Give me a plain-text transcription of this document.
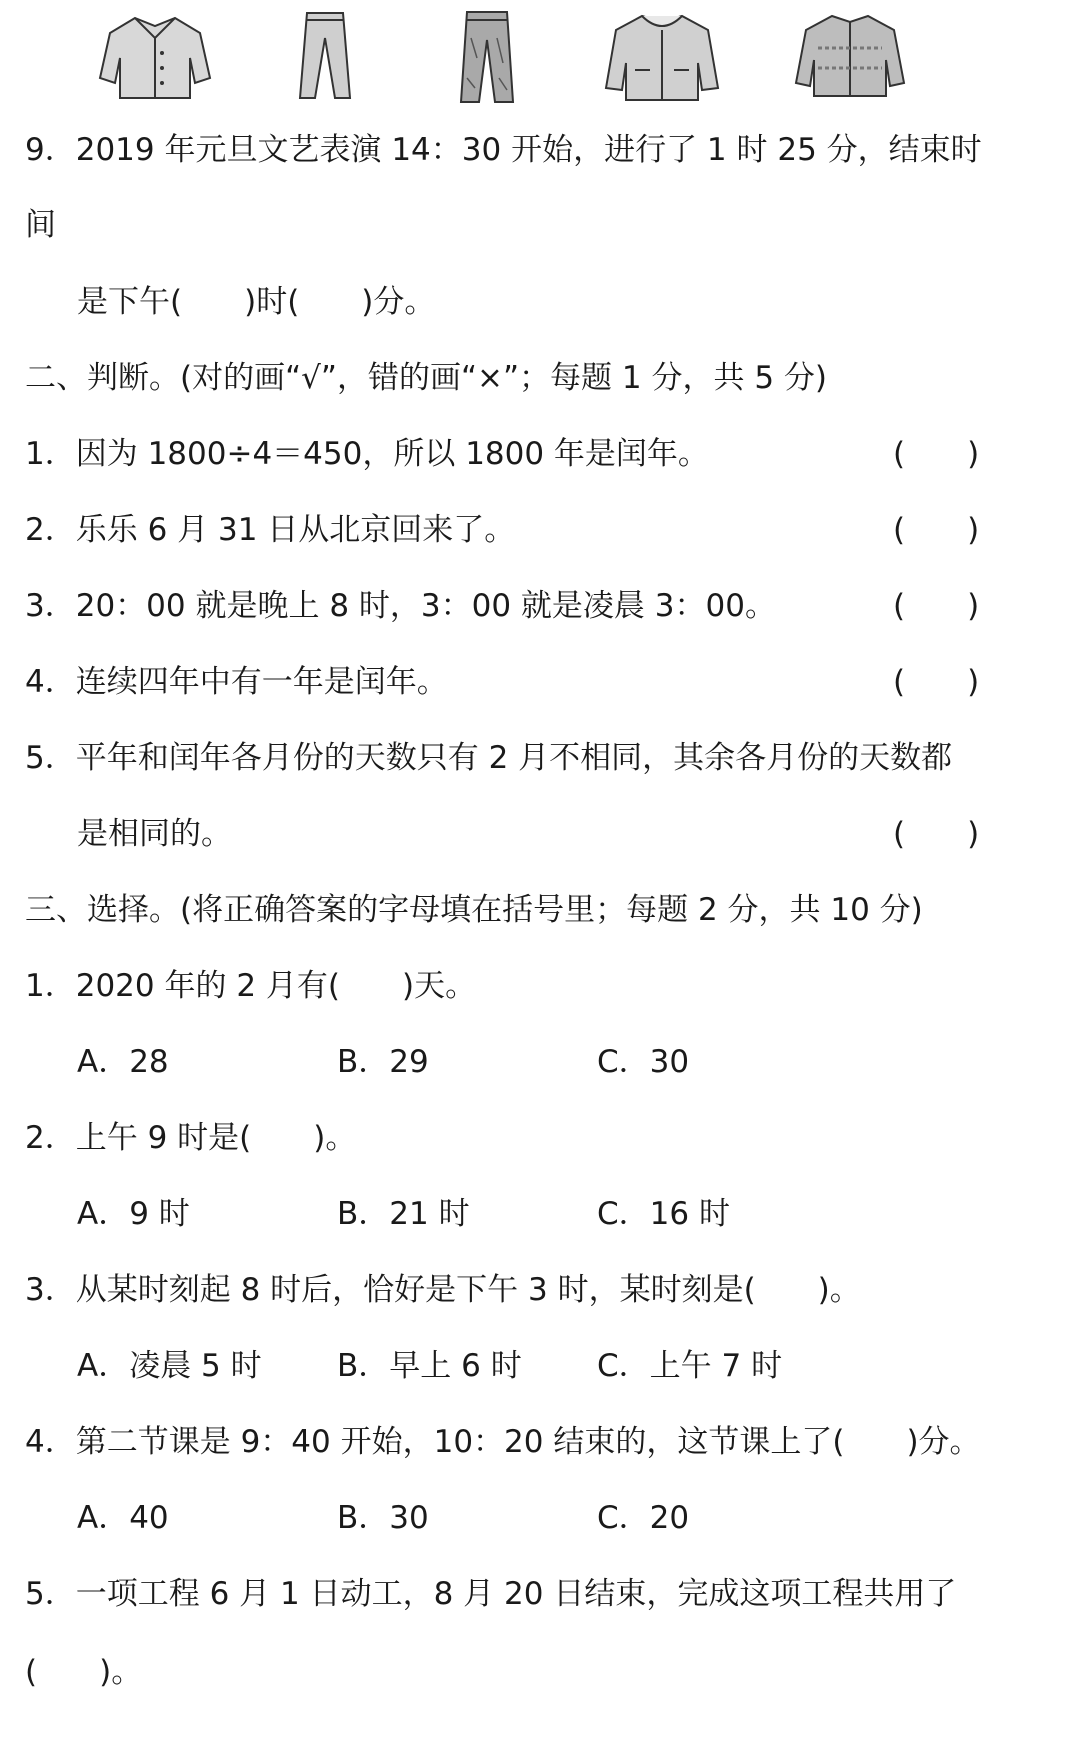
9．2019 年元旦文艺表演 14：30 开始，进行了 1 时 25 分，结束时
间
是下午(　　)时(　　)分。
二、判断。(对的画“√”，错的画“×”；每题 1 分，共 5 分)
1．因为 1800÷4＝450，所以 1800 年是闰年。	(　　)
2．乐乐 6 月 31 日从北京回来了。	(　　)
3．20：00 就是晚上 8 时，3：00 就是凌晨 3：00。	(　　)
4．连续四年中有一年是闰年。	(　　)
5．平年和闰年各月份的天数只有 2 月不相同，其余各月份的天数都
是相同的。	(　　)
三、选择。(将正确答案的字母填在括号里；每题 2 分，共 10 分)
1．2020 年的 2 月有(　　)天。
A．28	B．29	C．30
2．上午 9 时是(　　)。
A．9 时	B．21 时	C．16 时
3．从某时刻起 8 时后，恰好是下午 3 时，某时刻是(　　)。
A．凌晨 5 时 B．早上 6 时 C．上午 7 时
4．第二节课是 9：40 开始，10：20 结束的，这节课上了(　　)分。
A．40	B．30	C．20
5．一项工程 6 月 1 日动工，8 月 20 日结束，完成这项工程共用了
(　　)。
